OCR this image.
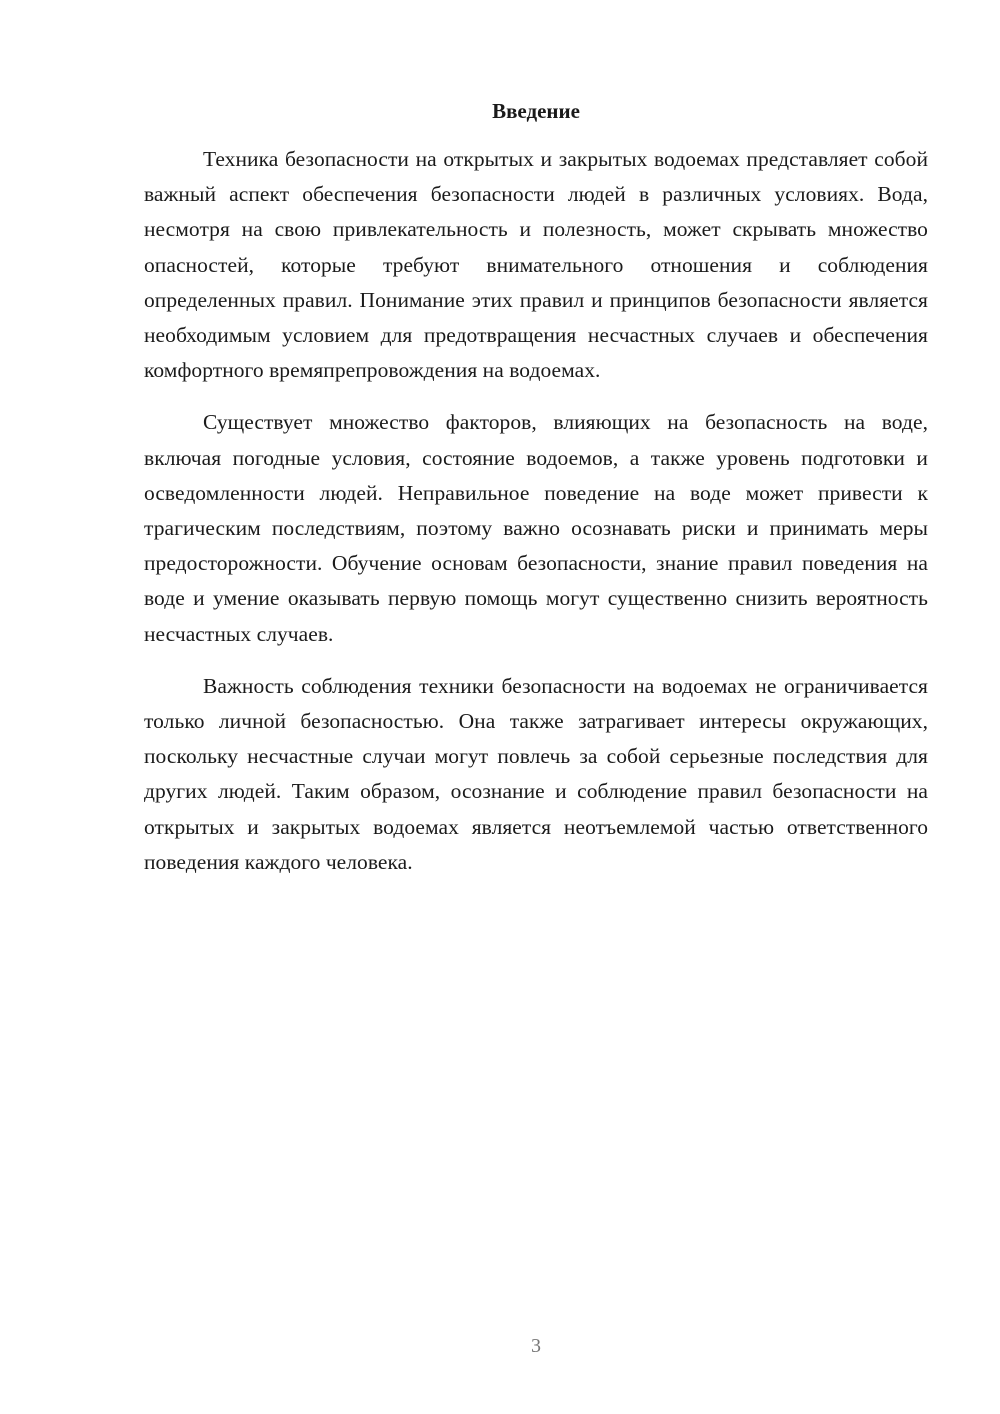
Введение

Техника безопасности на открытых и закрытых водоемах представляет собой важный аспект обеспечения безопасности людей в различных условиях. Вода, несмотря на свою привлекательность и полезность, может скрывать множество опасностей, которые требуют внимательного отношения и соблюдения определенных правил. Понимание этих правил и принципов безопасности является необходимым условием для предотвращения несчастных случаев и обеспечения комфортного времяпрепровождения на водоемах.

Существует множество факторов, влияющих на безопасность на воде, включая погодные условия, состояние водоемов, а также уровень подготовки и осведомленности людей. Неправильное поведение на воде может привести к трагическим последствиям, поэтому важно осознавать риски и принимать меры предосторожности. Обучение основам безопасности, знание правил поведения на воде и умение оказывать первую помощь могут существенно снизить вероятность несчастных случаев.

Важность соблюдения техники безопасности на водоемах не ограничивается только личной безопасностью. Она также затрагивает интересы окружающих, поскольку несчастные случаи могут повлечь за собой серьезные последствия для других людей. Таким образом, осознание и соблюдение правил безопасности на открытых и закрытых водоемах является неотъемлемой частью ответственного поведения каждого человека.

3
